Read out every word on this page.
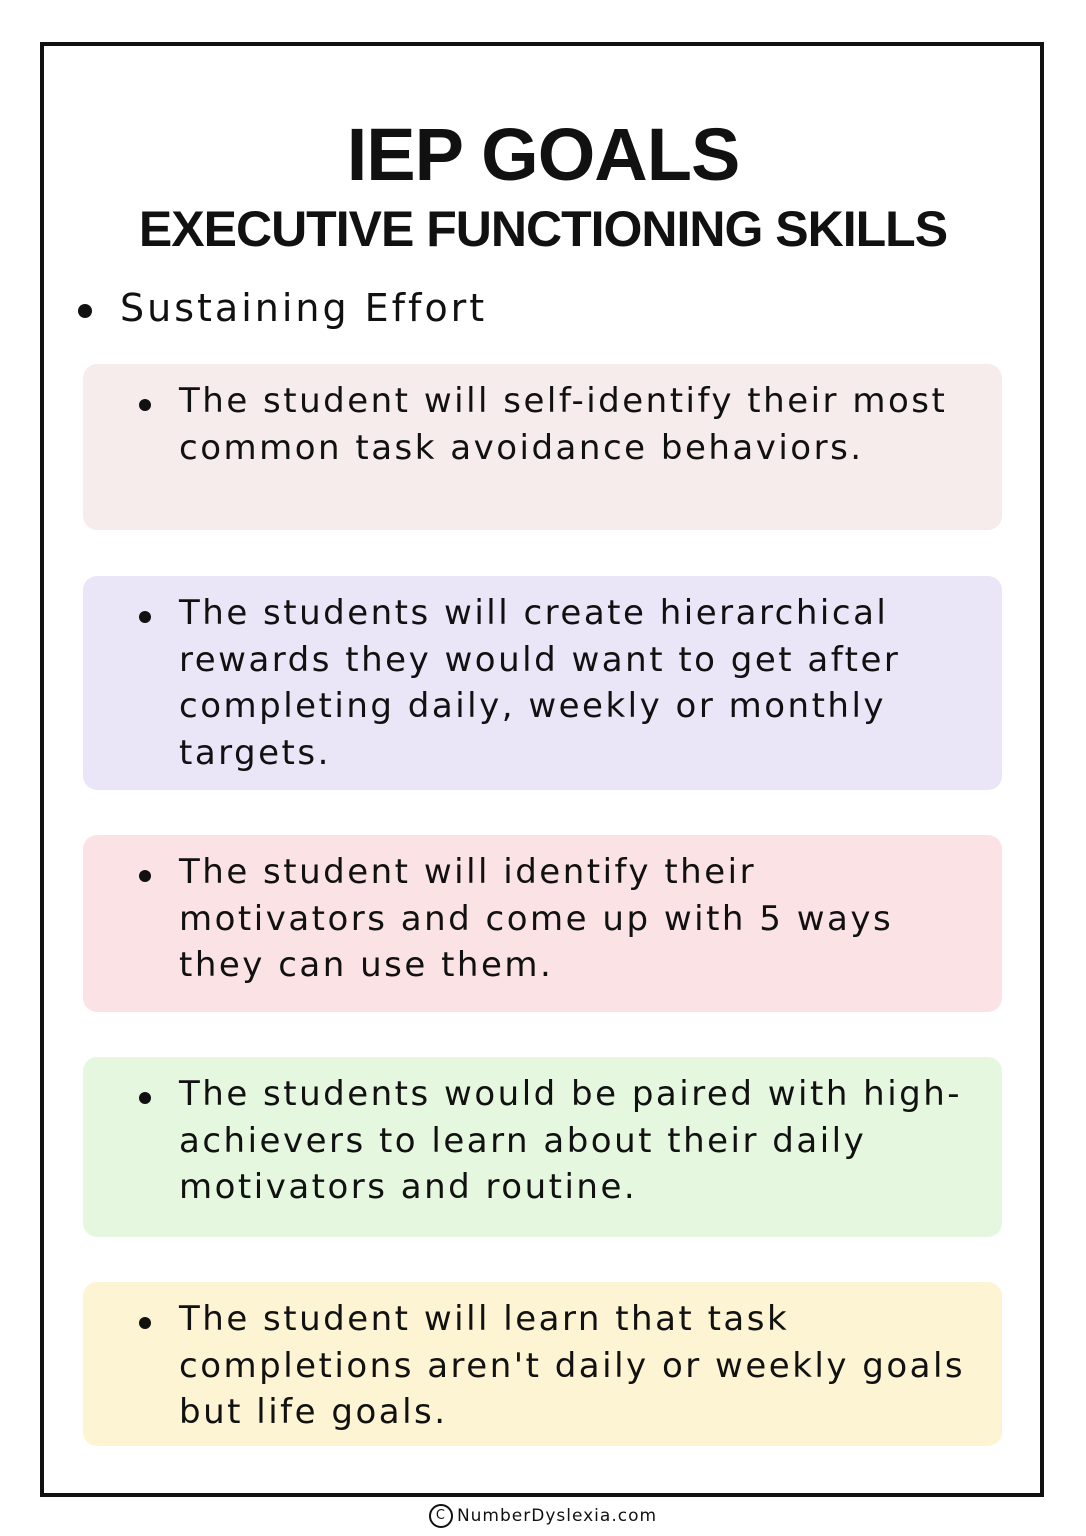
IEP GOALS
EXECUTIVE FUNCTIONING SKILLS
Sustaining Effort

The student will self-identify their most common task avoidance behaviors.

The students will create hierarchical rewards they would want to get after completing daily, weekly or monthly targets.

The student will identify their motivators and come up with 5 ways they can use them.

The students would be paired with high-achievers to learn about their daily motivators and routine.

The student will learn that task completions aren't daily or weekly goals but life goals.

C NumberDyslexia.com
